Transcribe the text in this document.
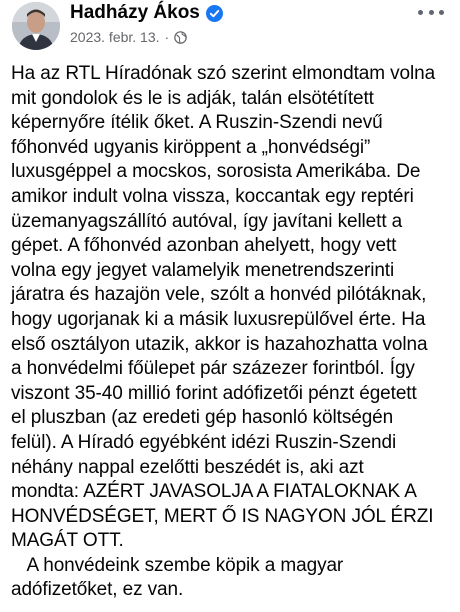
Hadházy Ákos
2023. febr. 13. ·
Ha az RTL Híradónak szó szerint elmondtam volna
mit gondolok és le is adják, talán elsötétített
képernyőre ítélik őket. A Ruszin-Szendi nevű
főhonvéd ugyanis kiröppent a „honvédségi”
luxusgéppel a mocskos, sorosista Amerikába. De
amikor indult volna vissza, koccantak egy reptéri
üzemanyagszállító autóval, így javítani kellett a
gépet. A főhonvéd azonban ahelyett, hogy vett
volna egy jegyet valamelyik menetrendszerinti
járatra és hazajön vele, szólt a honvéd pilótáknak,
hogy ugorjanak ki a másik luxusrepülővel érte. Ha
első osztályon utazik, akkor is hazahozhatta volna
a honvédelmi főülepet pár százezer forintból. Így
viszont 35-40 millió forint adófizetői pénzt égetett
el pluszban (az eredeti gép hasonló költségén
felül). A Híradó egyébként idézi Ruszin-Szendi
néhány nappal ezelőtti beszédét is, aki azt
mondta: AZÉRT JAVASOLJA A FIATALOKNAK A
HONVÉDSÉGET, MERT Ő IS NAGYON JÓL ÉRZI
MAGÁT OTT.
A honvédeink szembe köpik a magyar
adófizetőket, ez van.
